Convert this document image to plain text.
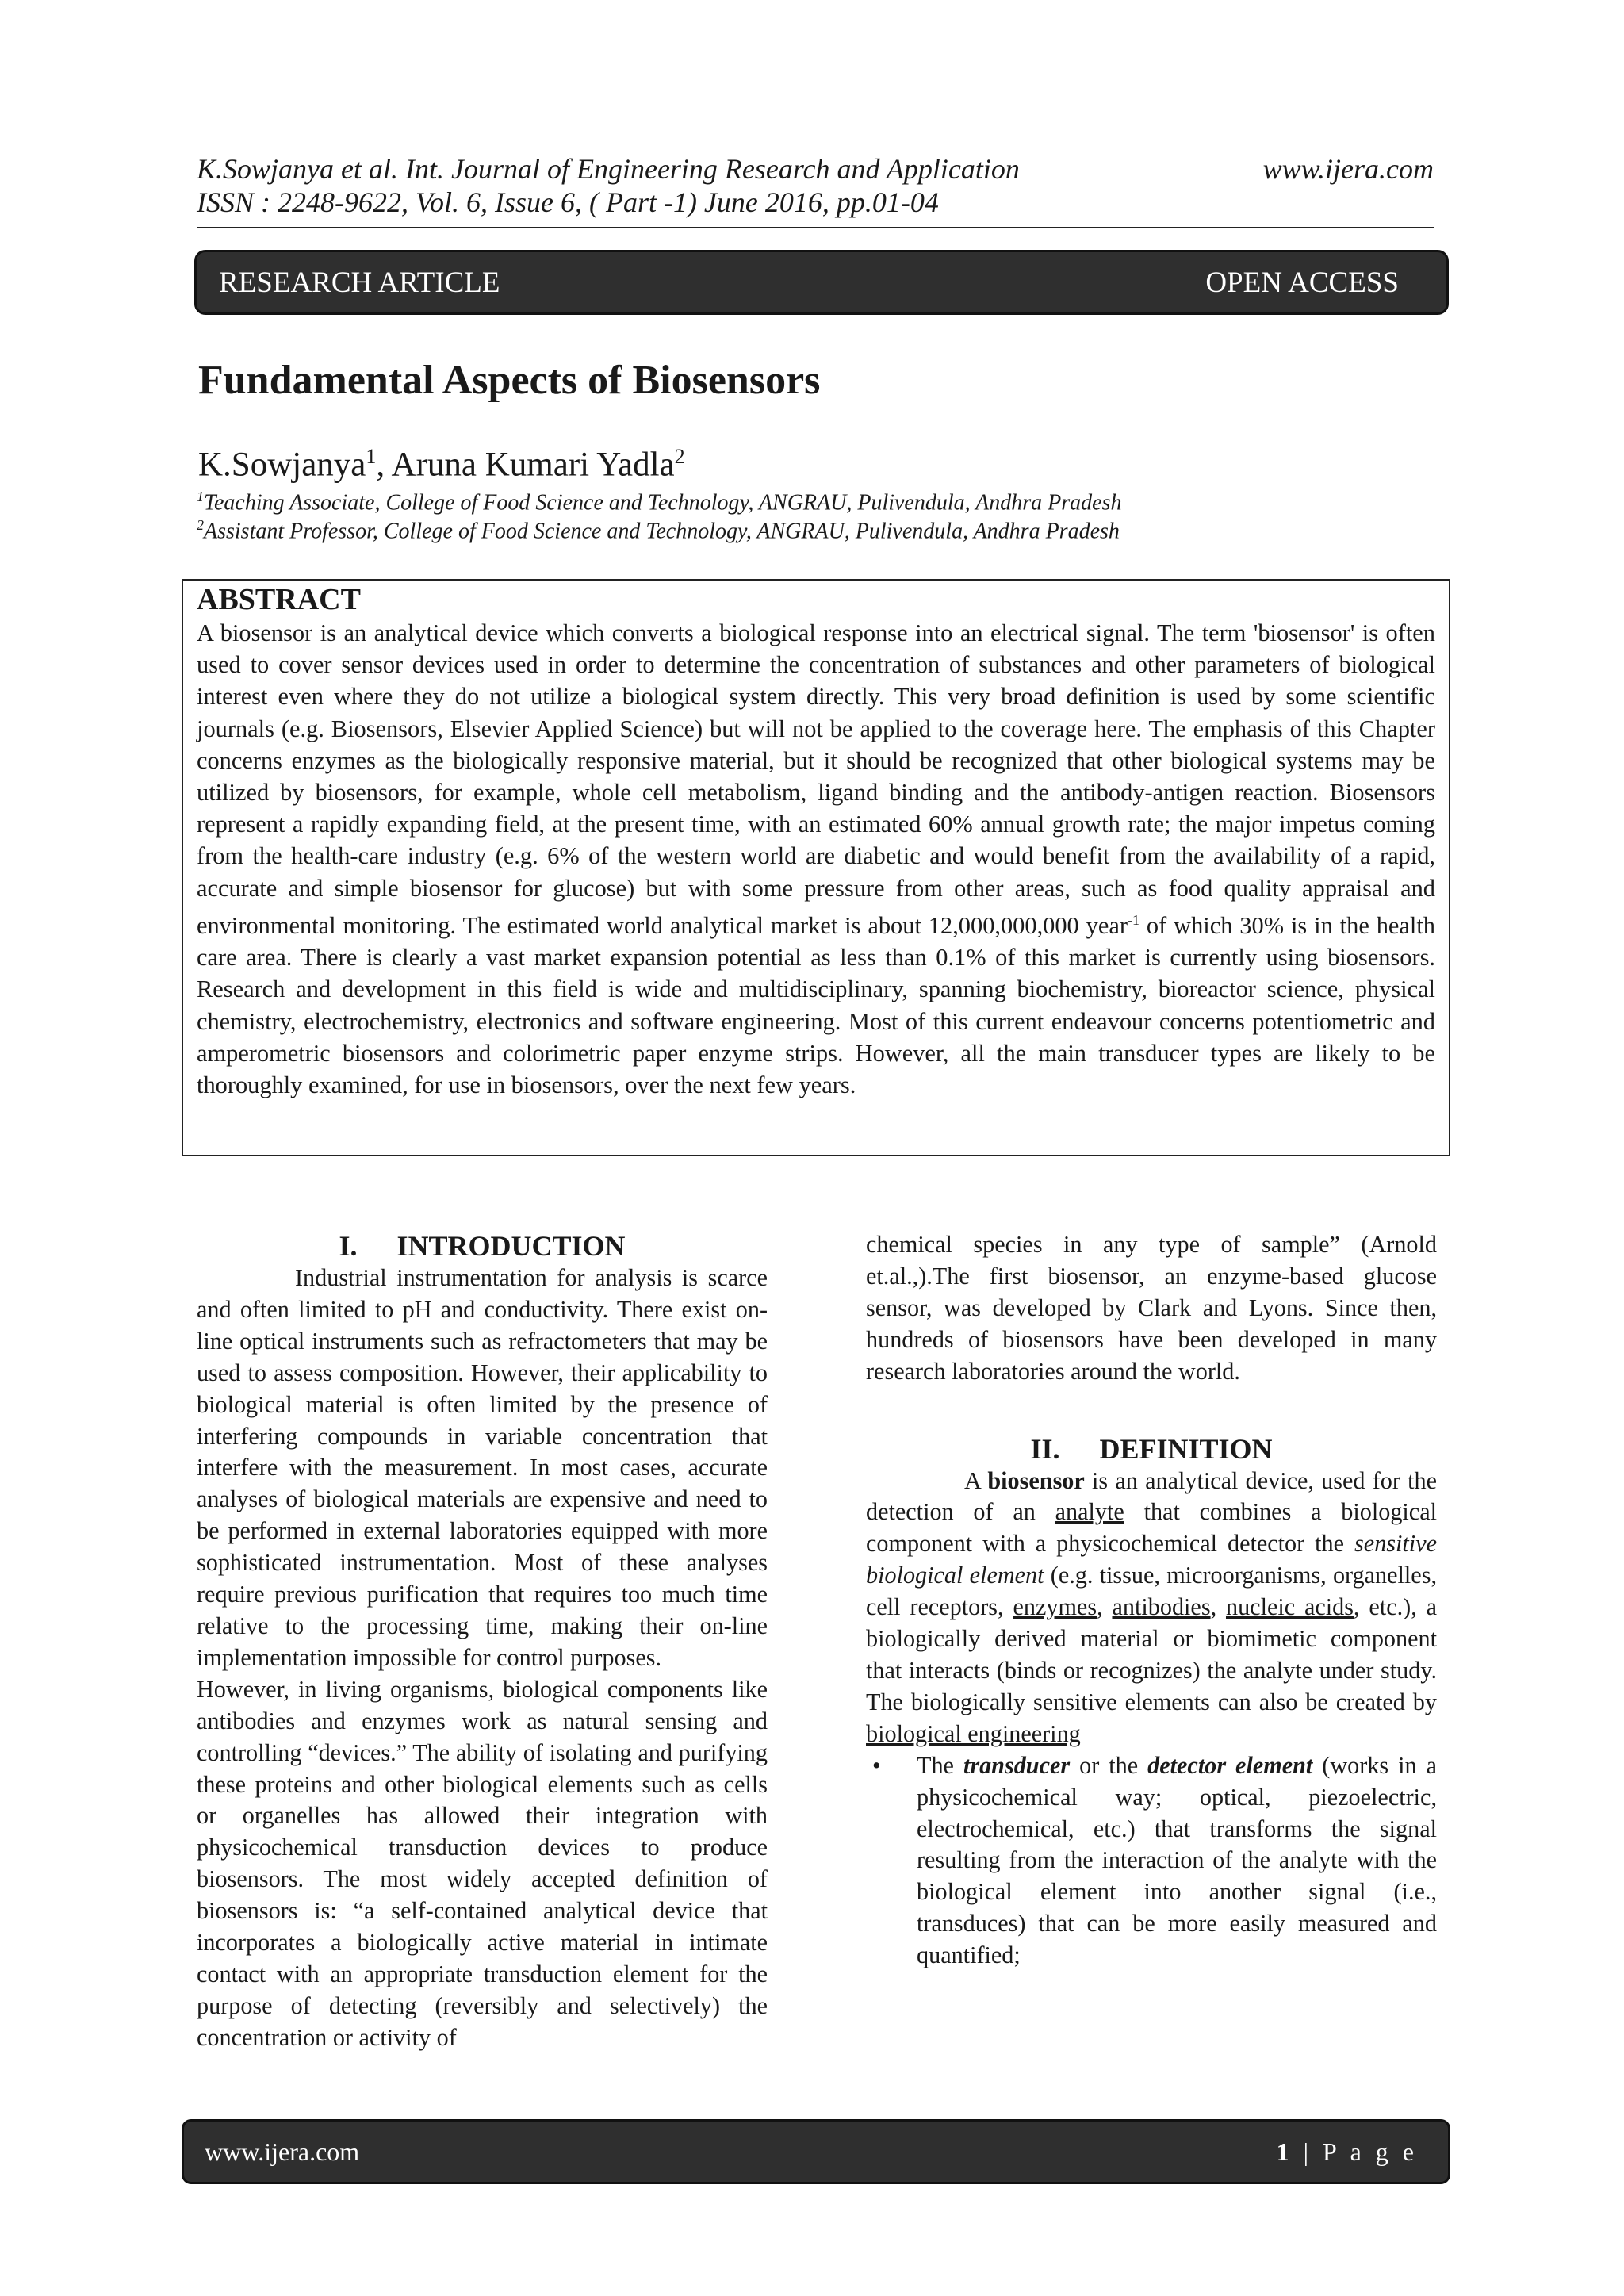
K.Sowjanya et al. Int. Journal of Engineering Research and Application	www.ijera.com
ISSN : 2248-9622, Vol. 6, Issue 6, ( Part -1) June 2016, pp.01-04
RESEARCH ARTICLE	OPEN ACCESS
Fundamental Aspects of Biosensors
K.Sowjanya$^1$, Aruna Kumari Yadla$^2$
$^1$Teaching Associate, College of Food Science and Technology, ANGRAU, Pulivendula, Andhra Pradesh
$^2$Assistant Professor, College of Food Science and Technology, ANGRAU, Pulivendula, Andhra Pradesh
ABSTRACT
A biosensor is an analytical device which converts a biological response into an electrical signal. The term 'biosensor' is often used to cover sensor devices used in order to determine the concentration of substances and other parameters of biological interest even where they do not utilize a biological system directly. This very broad definition is used by some scientific journals (e.g. Biosensors, Elsevier Applied Science) but will not be applied to the coverage here. The emphasis of this Chapter concerns enzymes as the biologically responsive material, but it should be recognized that other biological systems may be utilized by biosensors, for example, whole cell metabolism, ligand binding and the antibody-antigen reaction. Biosensors represent a rapidly expanding field, at the present time, with an estimated 60% annual growth rate; the major impetus coming from the health-care industry (e.g. 6% of the western world are diabetic and would benefit from the availability of a rapid, accurate and simple biosensor for glucose) but with some pressure from other areas, such as food quality appraisal and environmental monitoring. The estimated world analytical market is about 12,000,000,000 year$^{-1}$ of which 30% is in the health care area. There is clearly a vast market expansion potential as less than 0.1% of this market is currently using biosensors. Research and development in this field is wide and multidisciplinary, spanning biochemistry, bioreactor science, physical chemistry, electrochemistry, electronics and software engineering. Most of this current endeavour concerns potentiometric and amperometric biosensors and colorimetric paper enzyme strips. However, all the main transducer types are likely to be thoroughly examined, for use in biosensors, over the next few years.
I. INTRODUCTION
Industrial instrumentation for analysis is scarce and often limited to pH and conductivity. There exist on-line optical instruments such as refractometers that may be used to assess composition. However, their applicability to biological material is often limited by the presence of interfering compounds in variable concentration that interfere with the measurement. In most cases, accurate analyses of biological materials are expensive and need to be performed in external laboratories equipped with more sophisticated instrumentation. Most of these analyses require previous purification that requires too much time relative to the processing time, making their on-line implementation impossible for control purposes.
However, in living organisms, biological components like antibodies and enzymes work as natural sensing and controlling “devices.” The ability of isolating and purifying these proteins and other biological elements such as cells or organelles has allowed their integration with physicochemical transduction devices to produce biosensors. The most widely accepted definition of biosensors is: “a self-contained analytical device that incorporates a biologically active material in intimate contact with an appropriate transduction element for the purpose of detecting (reversibly and selectively) the concentration or activity of
chemical species in any type of sample” (Arnold et.al.,).The first biosensor, an enzyme-based glucose sensor, was developed by Clark and Lyons. Since then, hundreds of biosensors have been developed in many research laboratories around the world.
II. DEFINITION
A biosensor is an analytical device, used for the detection of an analyte that combines a biological component with a physicochemical detector the sensitive biological element (e.g. tissue, microorganisms, organelles, cell receptors, enzymes, antibodies, nucleic acids, etc.), a biologically derived material or biomimetic component that interacts (binds or recognizes) the analyte under study. The biologically sensitive elements can also be created by biological engineering
•	The transducer or the detector element (works in a physicochemical way; optical, piezoelectric, electrochemical, etc.) that transforms the signal resulting from the interaction of the analyte with the biological element into another signal (i.e., transduces) that can be more easily measured and quantified;
www.ijera.com	1 | P a g e
